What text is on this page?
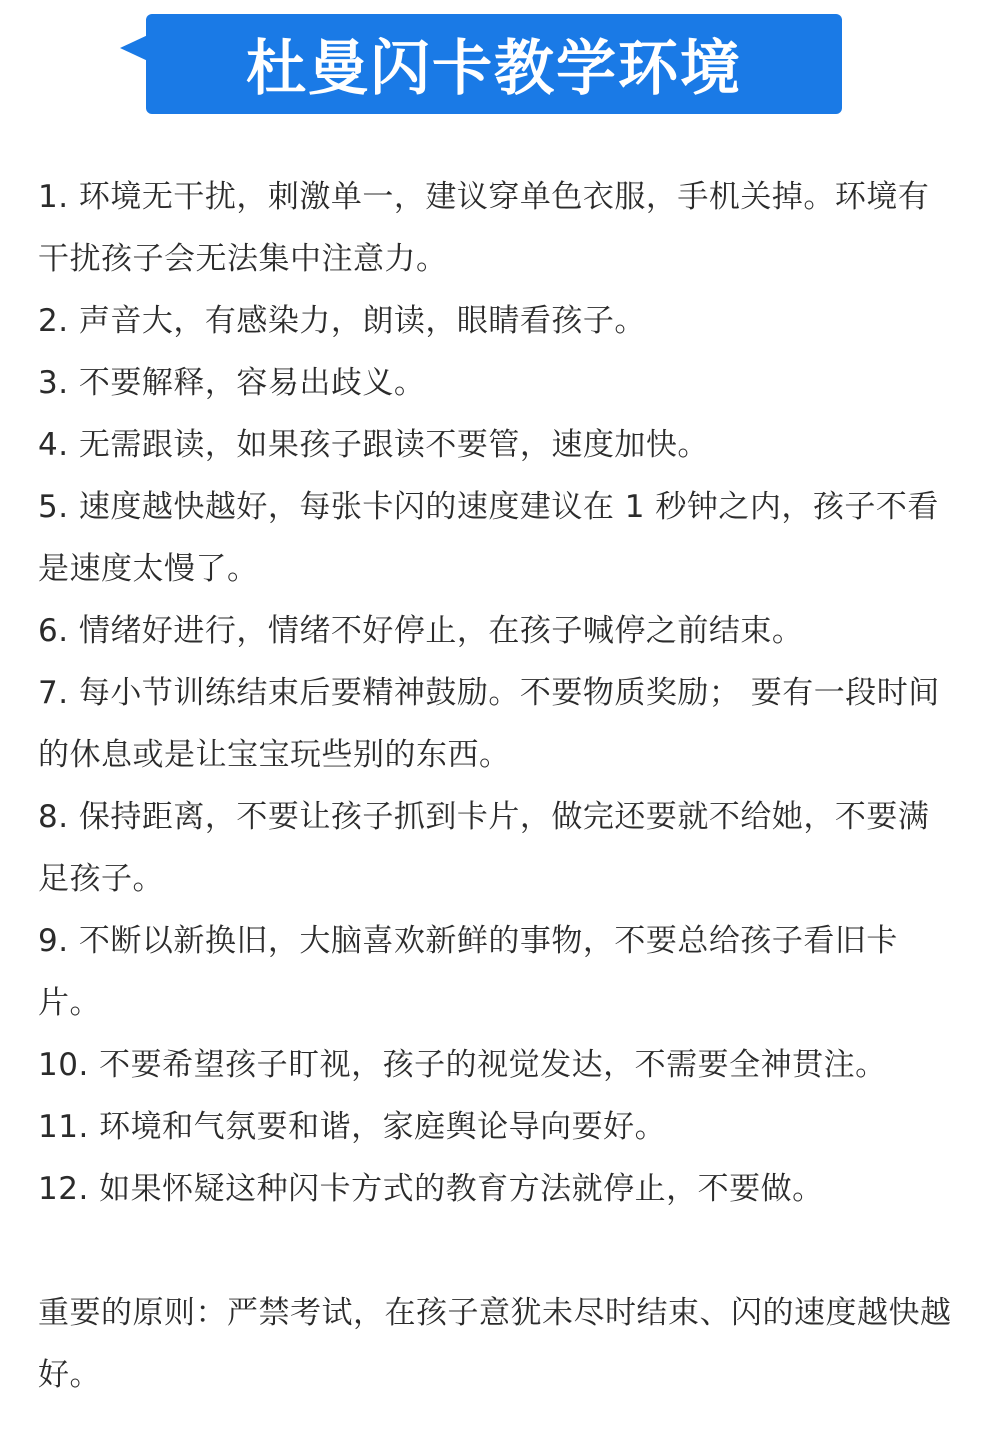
杜曼闪卡教学环境

1. 环境无干扰，刺激单一，建议穿单色衣服，手机关掉。环境有干扰孩子会无法集中注意力。

2. 声音大，有感染力，朗读，眼睛看孩子。

3. 不要解释，容易出歧义。

4. 无需跟读，如果孩子跟读不要管，速度加快。

5. 速度越快越好，每张卡闪的速度建议在 1 秒钟之内，孩子不看是速度太慢了。

6. 情绪好进行，情绪不好停止，在孩子喊停之前结束。

7. 每小节训练结束后要精神鼓励。不要物质奖励； 要有一段时间的休息或是让宝宝玩些别的东西。

8. 保持距离，不要让孩子抓到卡片，做完还要就不给她，不要满足孩子。

9. 不断以新换旧，大脑喜欢新鲜的事物，不要总给孩子看旧卡片。

10. 不要希望孩子盯视，孩子的视觉发达，不需要全神贯注。

11. 环境和气氛要和谐，家庭舆论导向要好。

12. 如果怀疑这种闪卡方式的教育方法就停止，不要做。

重要的原则：严禁考试，在孩子意犹未尽时结束、闪的速度越快越好。
